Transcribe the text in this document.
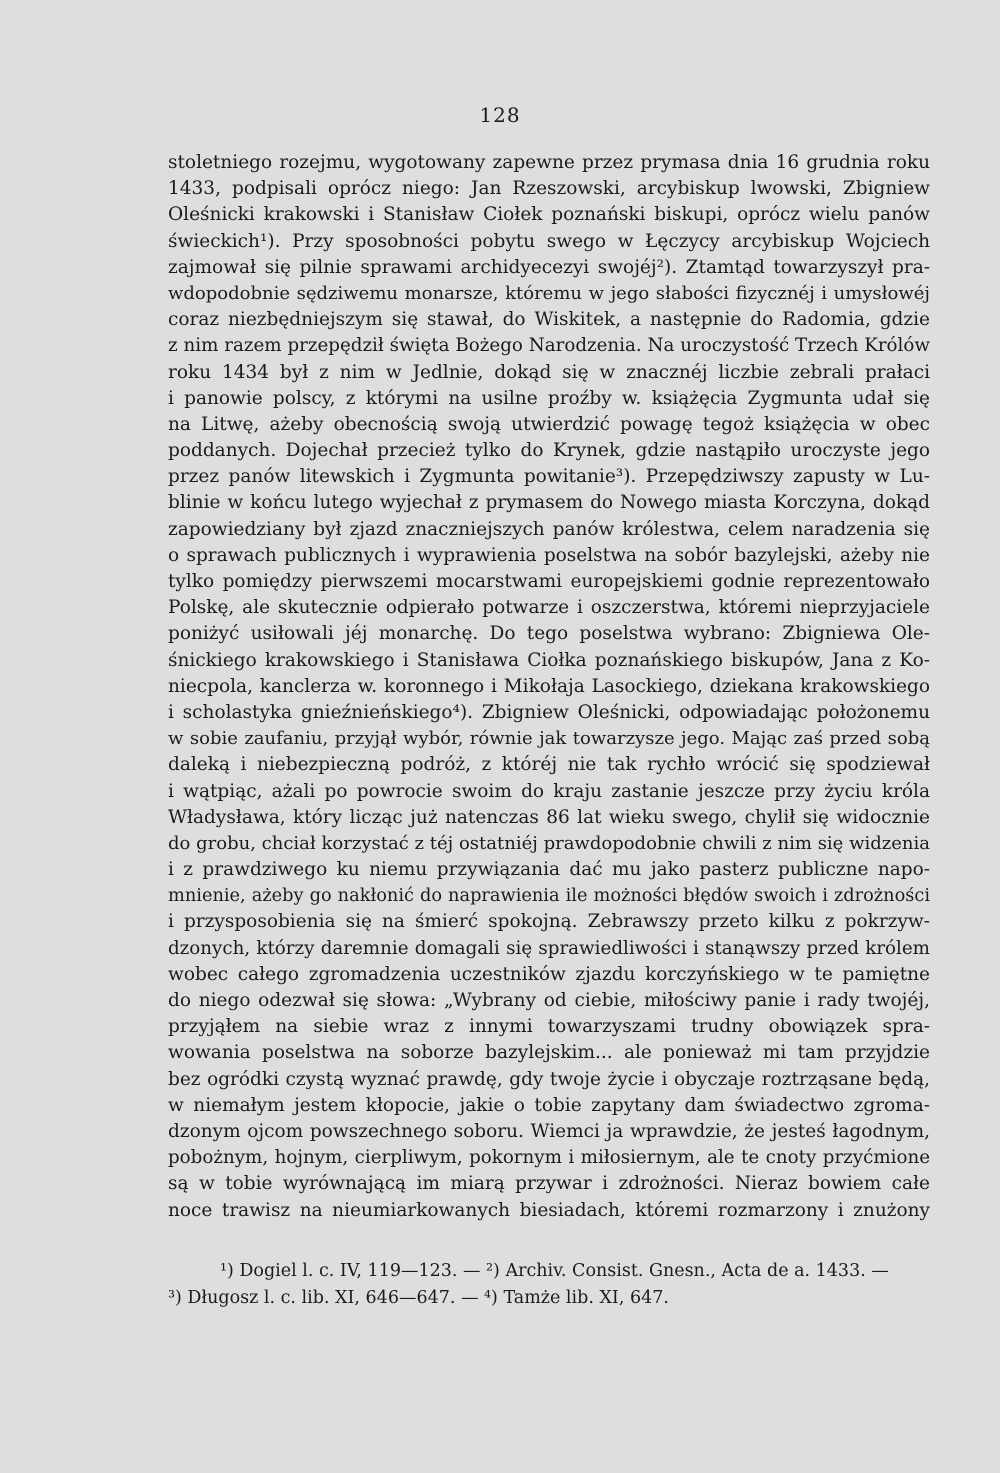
128
stoletniego rozejmu, wygotowany zapewne przez prymasa dnia 16 grudnia roku
1433, podpisali oprócz niego: Jan Rzeszowski, arcybiskup lwowski, Zbigniew
Oleśnicki krakowski i Stanisław Ciołek poznański biskupi, oprócz wielu panów
świeckich¹). Przy sposobności pobytu swego w Łęczycy arcybiskup Wojciech
zajmował się pilnie sprawami archidyecezyi swojéj²). Ztamtąd towarzyszył pra-
wdopodobnie sędziwemu monarsze, któremu w jego słabości fizycznéj i umysłowéj
coraz niezbędniejszym się stawał, do Wiskitek, a następnie do Radomia, gdzie
z nim razem przepędził święta Bożego Narodzenia. Na uroczystość Trzech Królów
roku 1434 był z nim w Jedlnie, dokąd się w znacznéj liczbie zebrali prałaci
i panowie polscy, z którymi na usilne proźby w. książęcia Zygmunta udał się
na Litwę, ażeby obecnością swoją utwierdzić powagę tegoż książęcia w obec
poddanych. Dojechał przecież tylko do Krynek, gdzie nastąpiło uroczyste jego
przez panów litewskich i Zygmunta powitanie³). Przepędziwszy zapusty w Lu-
blinie w końcu lutego wyjechał z prymasem do Nowego miasta Korczyna, dokąd
zapowiedziany był zjazd znaczniejszych panów królestwa, celem naradzenia się
o sprawach publicznych i wyprawienia poselstwa na sobór bazylejski, ażeby nie
tylko pomiędzy pierwszemi mocarstwami europejskiemi godnie reprezentowało
Polskę, ale skutecznie odpierało potwarze i oszczerstwa, któremi nieprzyjaciele
poniżyć usiłowali jéj monarchę. Do tego poselstwa wybrano: Zbigniewa Ole-
śnickiego krakowskiego i Stanisława Ciołka poznańskiego biskupów, Jana z Ko-
niecpola, kanclerza w. koronnego i Mikołaja Lasockiego, dziekana krakowskiego
i scholastyka gnieźnieńskiego⁴). Zbigniew Oleśnicki, odpowiadając położonemu
w sobie zaufaniu, przyjął wybór, równie jak towarzysze jego. Mając zaś przed sobą
daleką i niebezpieczną podróż, z któréj nie tak rychło wrócić się spodziewał
i wątpiąc, ażali po powrocie swoim do kraju zastanie jeszcze przy życiu króla
Władysława, który licząc już natenczas 86 lat wieku swego, chylił się widocznie
do grobu, chciał korzystać z téj ostatniéj prawdopodobnie chwili z nim się widzenia
i z prawdziwego ku niemu przywiązania dać mu jako pasterz publiczne napo-
mnienie, ażeby go nakłonić do naprawienia ile możności błędów swoich i zdrożności
i przysposobienia się na śmierć spokojną. Zebrawszy przeto kilku z pokrzyw-
dzonych, którzy daremnie domagali się sprawiedliwości i stanąwszy przed królem
wobec całego zgromadzenia uczestników zjazdu korczyńskiego w te pamiętne
do niego odezwał się słowa: „Wybrany od ciebie, miłościwy panie i rady twojéj,
przyjąłem na siebie wraz z innymi towarzyszami trudny obowiązek spra-
wowania poselstwa na soborze bazylejskim... ale ponieważ mi tam przyjdzie
bez ogródki czystą wyznać prawdę, gdy twoje życie i obyczaje roztrząsane będą,
w niemałym jestem kłopocie, jakie o tobie zapytany dam świadectwo zgroma-
dzonym ojcom powszechnego soboru. Wiemci ja wprawdzie, że jesteś łagodnym,
pobożnym, hojnym, cierpliwym, pokornym i miłosiernym, ale te cnoty przyćmione
są w tobie wyrównającą im miarą przywar i zdrożności. Nieraz bowiem całe
noce trawisz na nieumiarkowanych biesiadach, któremi rozmarzony i znużony
¹) Dogiel l. c. IV, 119—123. — ²) Archiv. Consist. Gnesn., Acta de a. 1433. —
³) Długosz l. c. lib. XI, 646—647. — ⁴) Tamże lib. XI, 647.
